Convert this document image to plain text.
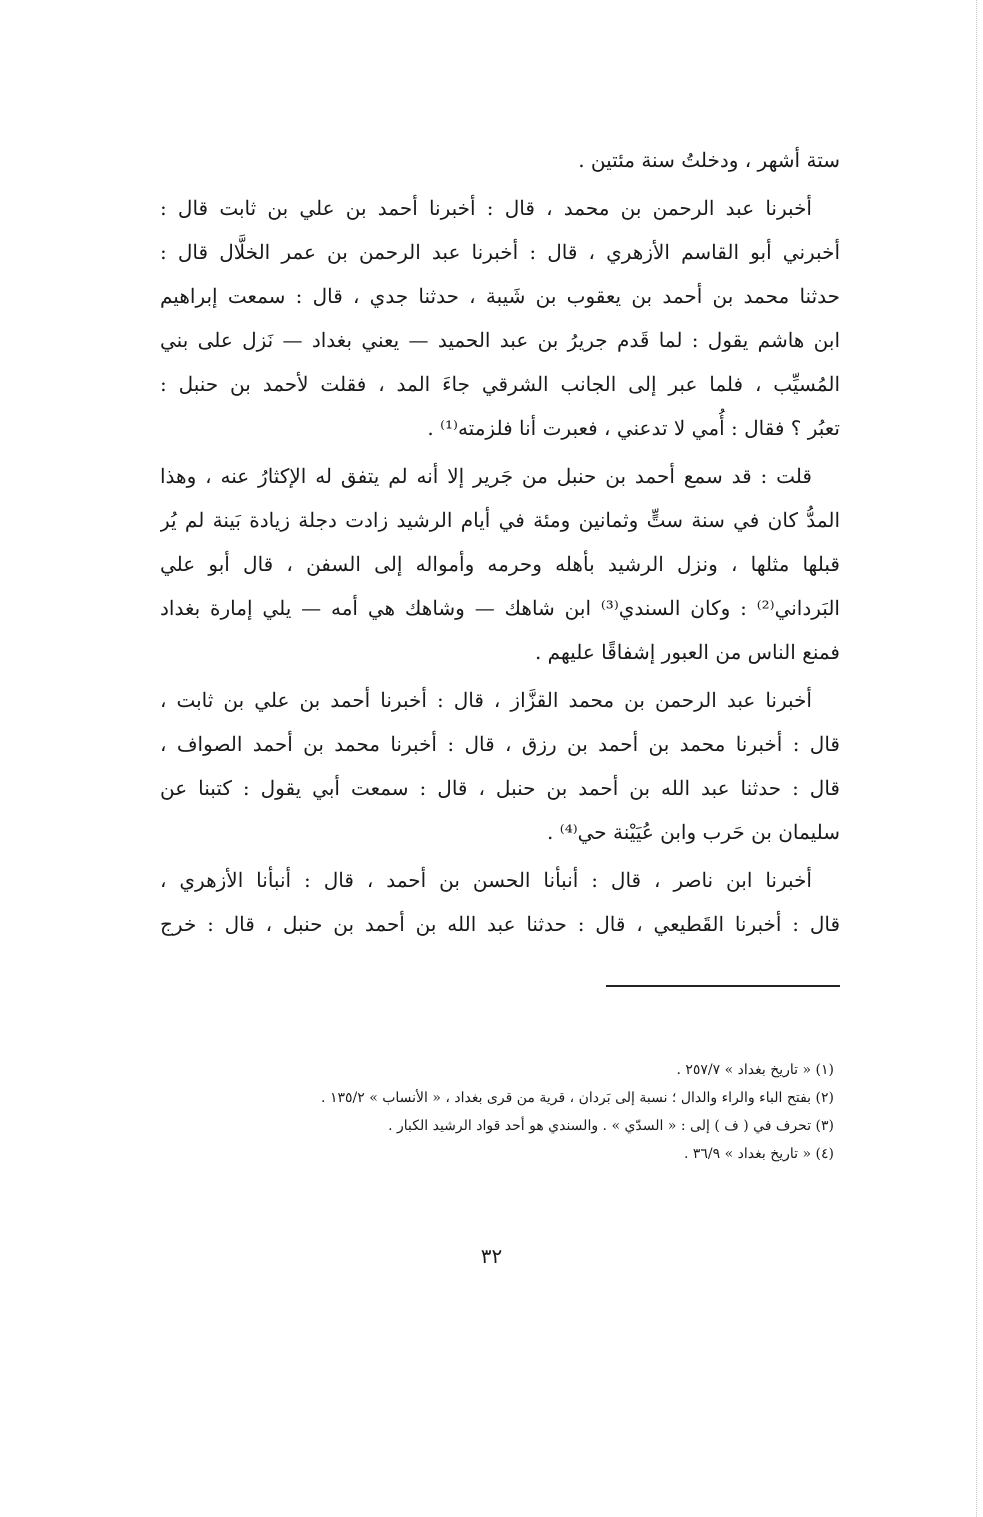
ستة أشهر ، ودخلتُ سنة مئتين .
أخبرنا عبد الرحمن بن محمد ، قال : أخبرنا أحمد بن علي بن ثابت قال :
أخبرني أبو القاسم الأزهري ، قال : أخبرنا عبد الرحمن بن عمر الخلَّال قال :
حدثنا محمد بن أحمد بن يعقوب بن شَيبة ، حدثنا جدي ، قال : سمعت إبراهيم
ابن هاشم يقول : لما قَدم جريرُ بن عبد الحميد — يعني بغداد — نَزل على بني
المُسيِّب ، فلما عبر إلى الجانب الشرقي جاءَ المد ، فقلت لأحمد بن حنبل :
تعبُر ؟ فقال : أُمي لا تدعني ، فعبرت أنا فلزمته⁽¹⁾ .
قلت : قد سمع أحمد بن حنبل من جَرير إلا أنه لم يتفق له الإكثارُ عنه ، وهذا
المدُّ كان في سنة ستٍّ وثمانين ومئة في أيام الرشيد زادت دجلة زيادة بَينة لم يُر
قبلها مثلها ، ونزل الرشيد بأهله وحرمه وأمواله إلى السفن ، قال أبو علي
البَرداني⁽²⁾ : وكان السندي⁽³⁾ ابن شاهك — وشاهك هي أمه — يلي إمارة بغداد
فمنع الناس من العبور إشفاقًا عليهم .
أخبرنا عبد الرحمن بن محمد القزَّاز ، قال : أخبرنا أحمد بن علي بن ثابت ،
قال : أخبرنا محمد بن أحمد بن رزق ، قال : أخبرنا محمد بن أحمد الصواف ،
قال : حدثنا عبد الله بن أحمد بن حنبل ، قال : سمعت أبي يقول : كتبنا عن
سليمان بن حَرب وابن عُيَيْنة حي⁽⁴⁾ .
أخبرنا ابن ناصر ، قال : أنبأنا الحسن بن أحمد ، قال : أنبأنا الأزهري ،
قال : أخبرنا القَطيعي ، قال : حدثنا عبد الله بن أحمد بن حنبل ، قال : خرج
(١) « تاريخ بغداد » ٢٥٧/٧ .
(٢) بفتح الباء والراء والدال ؛ نسبة إلى بَردان ، قرية من قرى بغداد ، « الأنساب » ١٣٥/٢ .
(٣) تحرف في ( ف ) إلى : « السدّي » . والسندي هو أحد قواد الرشيد الكبار .
(٤) « تاريخ بغداد » ٣٦/٩ .
٣٢
